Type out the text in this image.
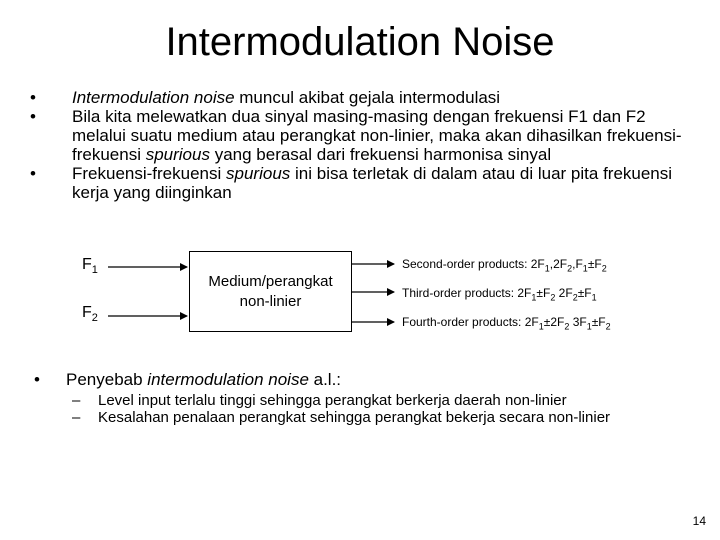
Intermodulation Noise
• Intermodulation noise muncul akibat gejala intermodulasi
• Bila kita melewatkan dua sinyal masing-masing dengan frekuensi F1 dan F2 melalui suatu medium atau perangkat non-linier, maka akan dihasilkan frekuensi-frekuensi spurious yang berasal dari frekuensi harmonisa sinyal
• Frekuensi-frekuensi spurious ini bisa terletak di dalam atau di luar pita frekuensi kerja yang diinginkan
$F_1$
$F_2$
Medium/perangkat
non-linier
Second-order products: $2F_1,2F_2,F_1\pm F_2$
Third-order products: $2F_1\pm F_2$ $2F_2\pm F_1$
Fourth-order products: $2F_1\pm 2F_2$ $3F_1\pm F_2$
• Penyebab intermodulation noise a.l.:
– Level input terlalu tinggi sehingga perangkat berkerja daerah non-linier
– Kesalahan penalaan perangkat sehingga perangkat bekerja secara non-linier
14
